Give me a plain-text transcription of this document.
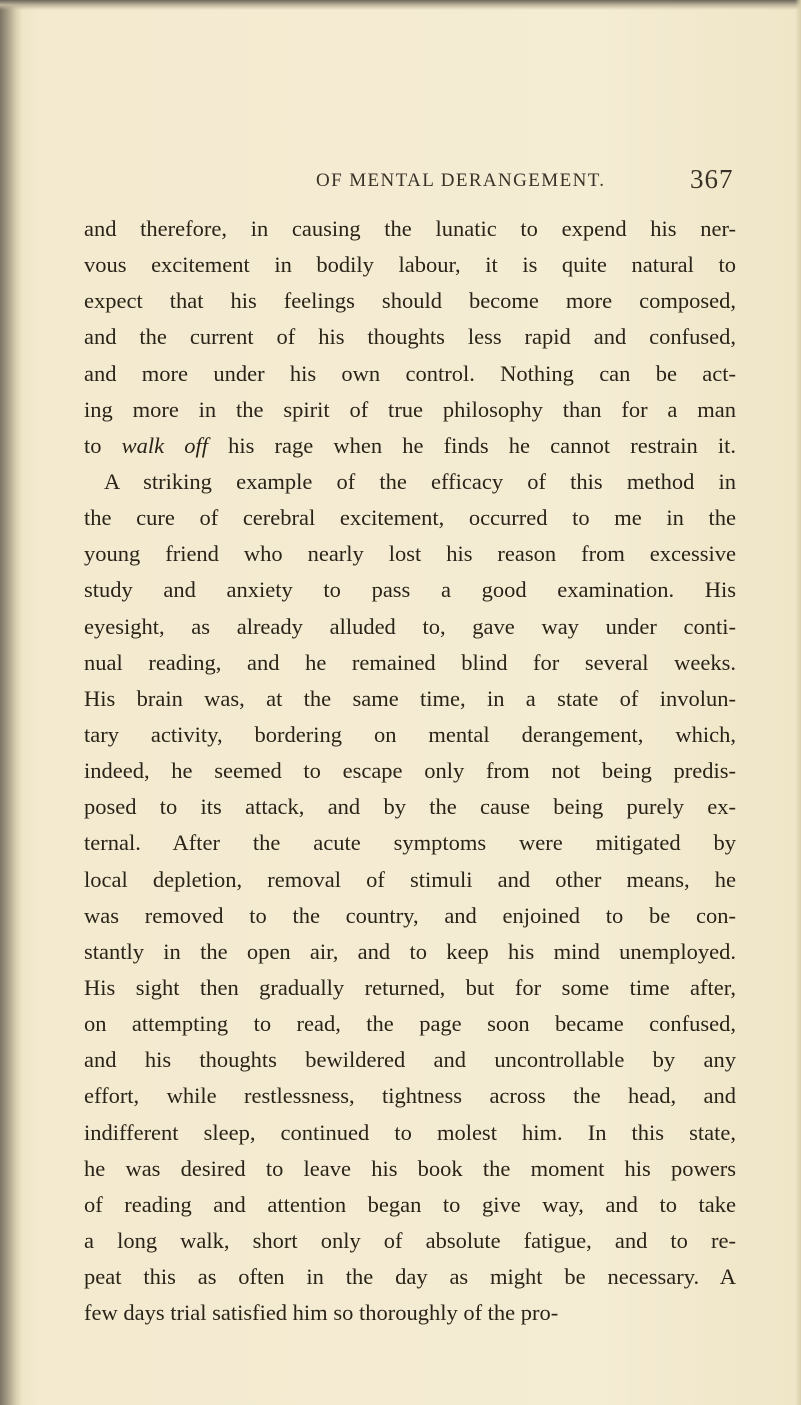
OF MENTAL DERANGEMENT.	367
and therefore, in causing the lunatic to expend his ner-
vous excitement in bodily labour, it is quite natural to
expect that his feelings should become more composed,
and the current of his thoughts less rapid and confused,
and more under his own control. Nothing can be act-
ing more in the spirit of true philosophy than for a man
to walk off his rage when he finds he cannot restrain it.
A striking example of the efficacy of this method in
the cure of cerebral excitement, occurred to me in the
young friend who nearly lost his reason from excessive
study and anxiety to pass a good examination. His
eyesight, as already alluded to, gave way under conti-
nual reading, and he remained blind for several weeks.
His brain was, at the same time, in a state of involun-
tary activity, bordering on mental derangement, which,
indeed, he seemed to escape only from not being predis-
posed to its attack, and by the cause being purely ex-
ternal. After the acute symptoms were mitigated by
local depletion, removal of stimuli and other means, he
was removed to the country, and enjoined to be con-
stantly in the open air, and to keep his mind unemployed.
His sight then gradually returned, but for some time after,
on attempting to read, the page soon became confused,
and his thoughts bewildered and uncontrollable by any
effort, while restlessness, tightness across the head, and
indifferent sleep, continued to molest him. In this state,
he was desired to leave his book the moment his powers
of reading and attention began to give way, and to take
a long walk, short only of absolute fatigue, and to re-
peat this as often in the day as might be necessary. A
few days trial satisfied him so thoroughly of the pro-
